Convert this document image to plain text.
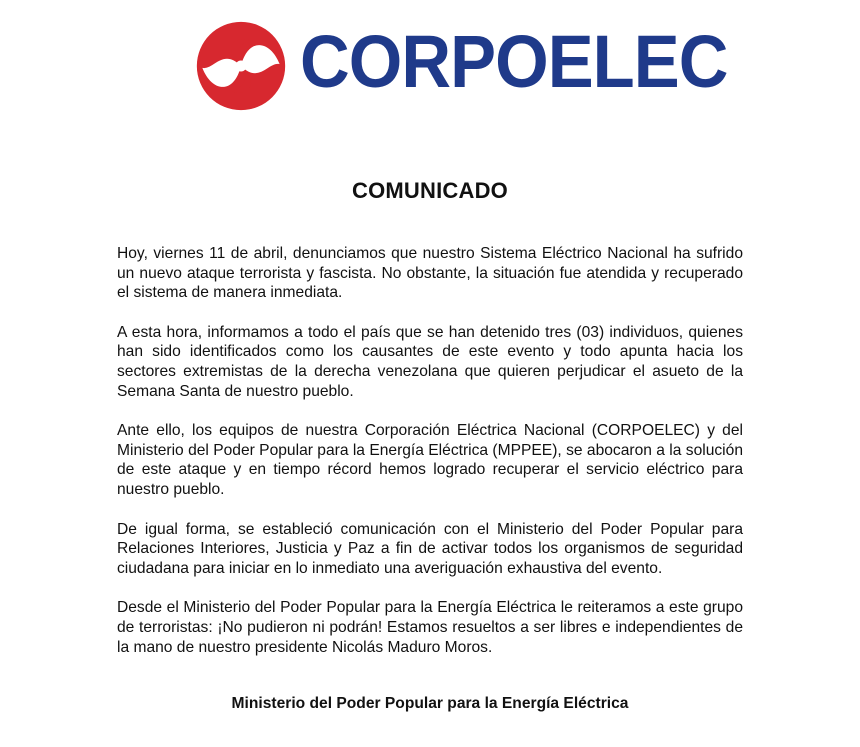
CORPOELEC
COMUNICADO

Hoy, viernes 11 de abril, denunciamos que nuestro Sistema Eléctrico Nacional ha sufrido un nuevo ataque terrorista y fascista. No obstante, la situación fue atendida y recuperado el sistema de manera inmediata.

A esta hora, informamos a todo el país que se han detenido tres (03) individuos, quienes han sido identificados como los causantes de este evento y todo apunta hacia los sectores extremistas de la derecha venezolana que quieren perjudicar el asueto de la Semana Santa de nuestro pueblo.

Ante ello, los equipos de nuestra Corporación Eléctrica Nacional (CORPOELEC) y del Ministerio del Poder Popular para la Energía Eléctrica (MPPEE), se abocaron a la solución de este ataque y en tiempo récord hemos logrado recuperar el servicio eléctrico para nuestro pueblo.

De igual forma, se estableció comunicación con el Ministerio del Poder Popular para Relaciones Interiores, Justicia y Paz a fin de activar todos los organismos de seguridad ciudadana para iniciar en lo inmediato una averiguación exhaustiva del evento.

Desde el Ministerio del Poder Popular para la Energía Eléctrica le reiteramos a este grupo de terroristas: ¡No pudieron ni podrán! Estamos resueltos a ser libres e independientes de la mano de nuestro presidente Nicolás Maduro Moros.

Ministerio del Poder Popular para la Energía Eléctrica
